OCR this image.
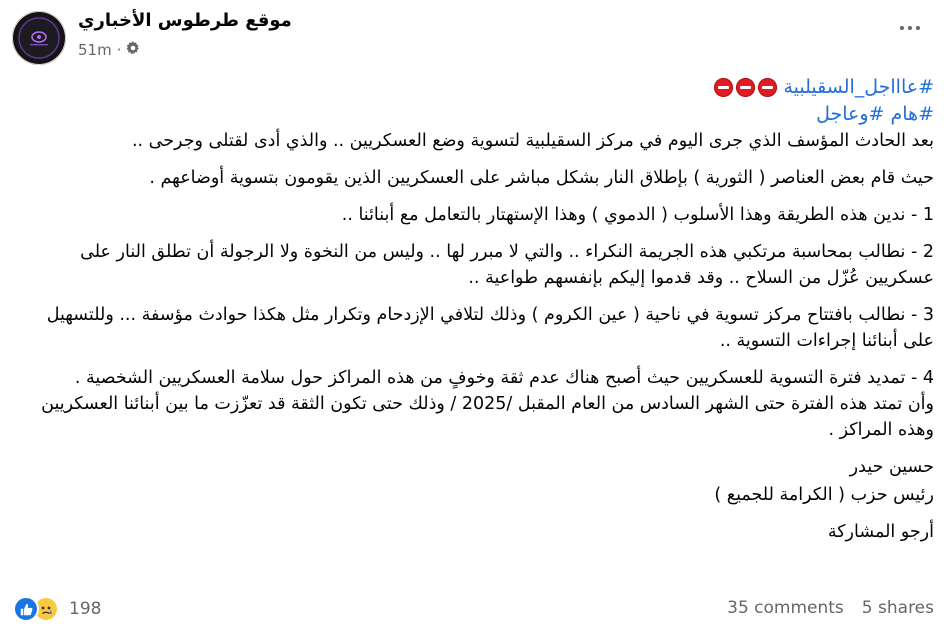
موقع طرطوس الأخباري
51m ·
#عاااجل_السقيلبية
#هام #وعاجل

بعد الحادث المؤسف الذي جرى اليوم في مركز السقيلبية لتسوية وضع العسكريين .. والذي أدى لقتلى وجرحى ..

حيث قام بعض العناصر ( الثورية ) بإطلاق النار بشكل مباشر على العسكريين الذين يقومون بتسوية أوضاعهم .

1 - ندين هذه الطريقة وهذا الأسلوب ( الدموي ) وهذا الإستهتار بالتعامل مع أبنائنا ..

2 - نطالب بمحاسبة مرتكبي هذه الجريمة النكراء .. والتي لا مبرر لها .. وليس من النخوة ولا الرجولة أن تطلق النار على عسكريين عُزّل من السلاح .. وقد قدموا إليكم بإنفسهم طواعية ..

3 - نطالب بافتتاح مركز تسوية في ناحية ( عين الكروم ) وذلك لتلافي الإزدحام وتكرار مثل هكذا حوادث مؤسفة ... وللتسهيل على أبنائنا إجراءات التسوية ..

4 - تمديد فترة التسوية للعسكريين حيث أصبح هناك عدم ثقة وخوفٍ من هذه المراكز حول سلامة العسكريين الشخصية .

وأن تمتد هذه الفترة حتى الشهر السادس من العام المقبل /2025 / وذلك حتى تكون الثقة قد تعزّزت ما بين أبنائنا العسكريين وهذه المراكز .

حسين حيدر

رئيس حزب ( الكرامة للجميع )

أرجو المشاركة

198	35 comments 5 shares
